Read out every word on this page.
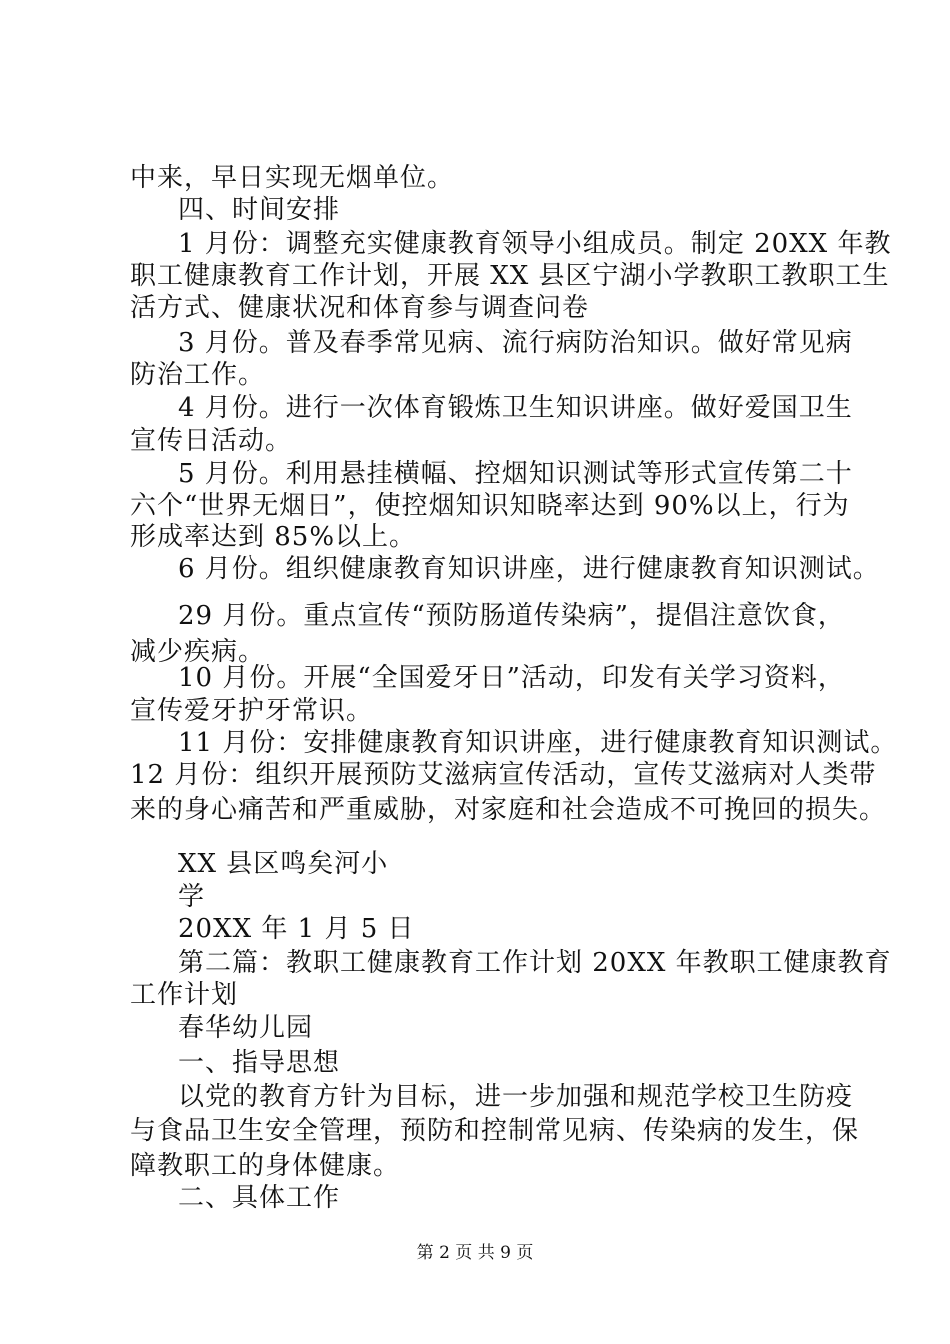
中来，早日实现无烟单位。
四、时间安排
1 月份：调整充实健康教育领导小组成员。制定 20XX 年教
职工健康教育工作计划，开展 XX 县区宁湖小学教职工教职工生
活方式、健康状况和体育参与调查问卷
3 月份。普及春季常见病、流行病防治知识。做好常见病
防治工作。
4 月份。进行一次体育锻炼卫生知识讲座。做好爱国卫生
宣传日活动。
5 月份。利用悬挂横幅、控烟知识测试等形式宣传第二十
六个“世界无烟日”，使控烟知识知晓率达到 90%以上，行为
形成率达到 85%以上。
6 月份。组织健康教育知识讲座，进行健康教育知识测试。
29 月份。重点宣传“预防肠道传染病”，提倡注意饮食，
减少疾病。
10 月份。开展“全国爱牙日”活动，印发有关学习资料，
宣传爱牙护牙常识。
11 月份：安排健康教育知识讲座，进行健康教育知识测试。
12 月份：组织开展预防艾滋病宣传活动，宣传艾滋病对人类带
来的身心痛苦和严重威胁，对家庭和社会造成不可挽回的损失。
XX 县区鸣矣河小
学
20XX 年 1 月 5 日
第二篇：教职工健康教育工作计划 20XX 年教职工健康教育
工作计划
春华幼儿园
一、指导思想
以党的教育方针为目标，进一步加强和规范学校卫生防疫
与食品卫生安全管理，预防和控制常见病、传染病的发生，保
障教职工的身体健康。
二、具体工作
第 2 页 共 9 页
